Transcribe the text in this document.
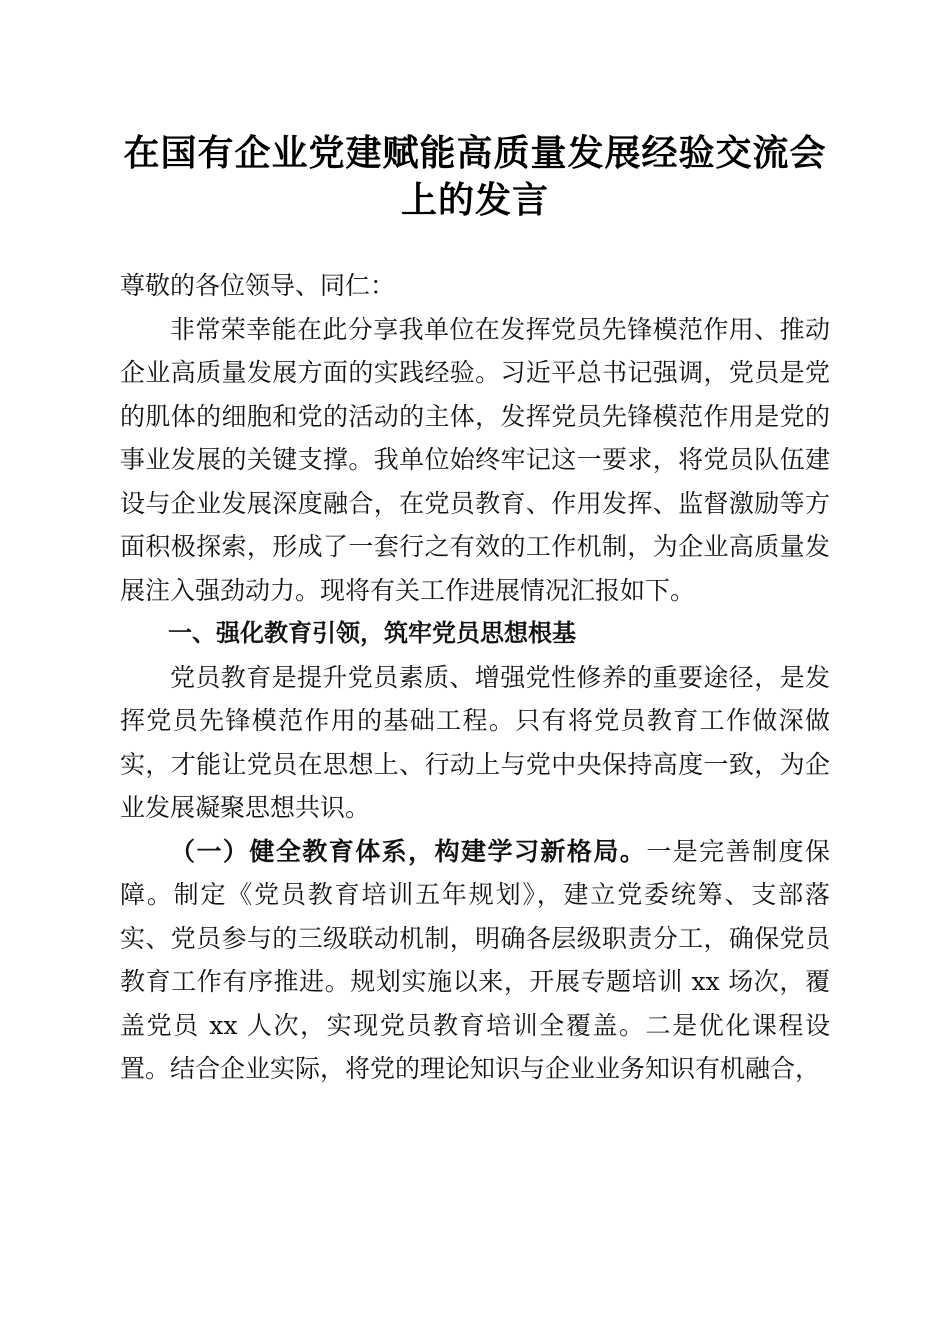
在国有企业党建赋能高质量发展经验交流会上的发言

尊敬的各位领导、同仁：

非常荣幸能在此分享我单位在发挥党员先锋模范作用、推动企业高质量发展方面的实践经验。习近平总书记强调，党员是党的肌体的细胞和党的活动的主体，发挥党员先锋模范作用是党的事业发展的关键支撑。我单位始终牢记这一要求，将党员队伍建设与企业发展深度融合，在党员教育、作用发挥、监督激励等方面积极探索，形成了一套行之有效的工作机制，为企业高质量发展注入强劲动力。现将有关工作进展情况汇报如下。

一、强化教育引领，筑牢党员思想根基

党员教育是提升党员素质、增强党性修养的重要途径，是发挥党员先锋模范作用的基础工程。只有将党员教育工作做深做实，才能让党员在思想上、行动上与党中央保持高度一致，为企业发展凝聚思想共识。

（一）健全教育体系，构建学习新格局。一是完善制度保障。制定《党员教育培训五年规划》，建立党委统筹、支部落实、党员参与的三级联动机制，明确各层级职责分工，确保党员教育工作有序推进。规划实施以来，开展专题培训 xx 场次，覆盖党员 xx 人次，实现党员教育培训全覆盖。二是优化课程设置。结合企业实际，将党的理论知识与企业业务知识有机融合，
